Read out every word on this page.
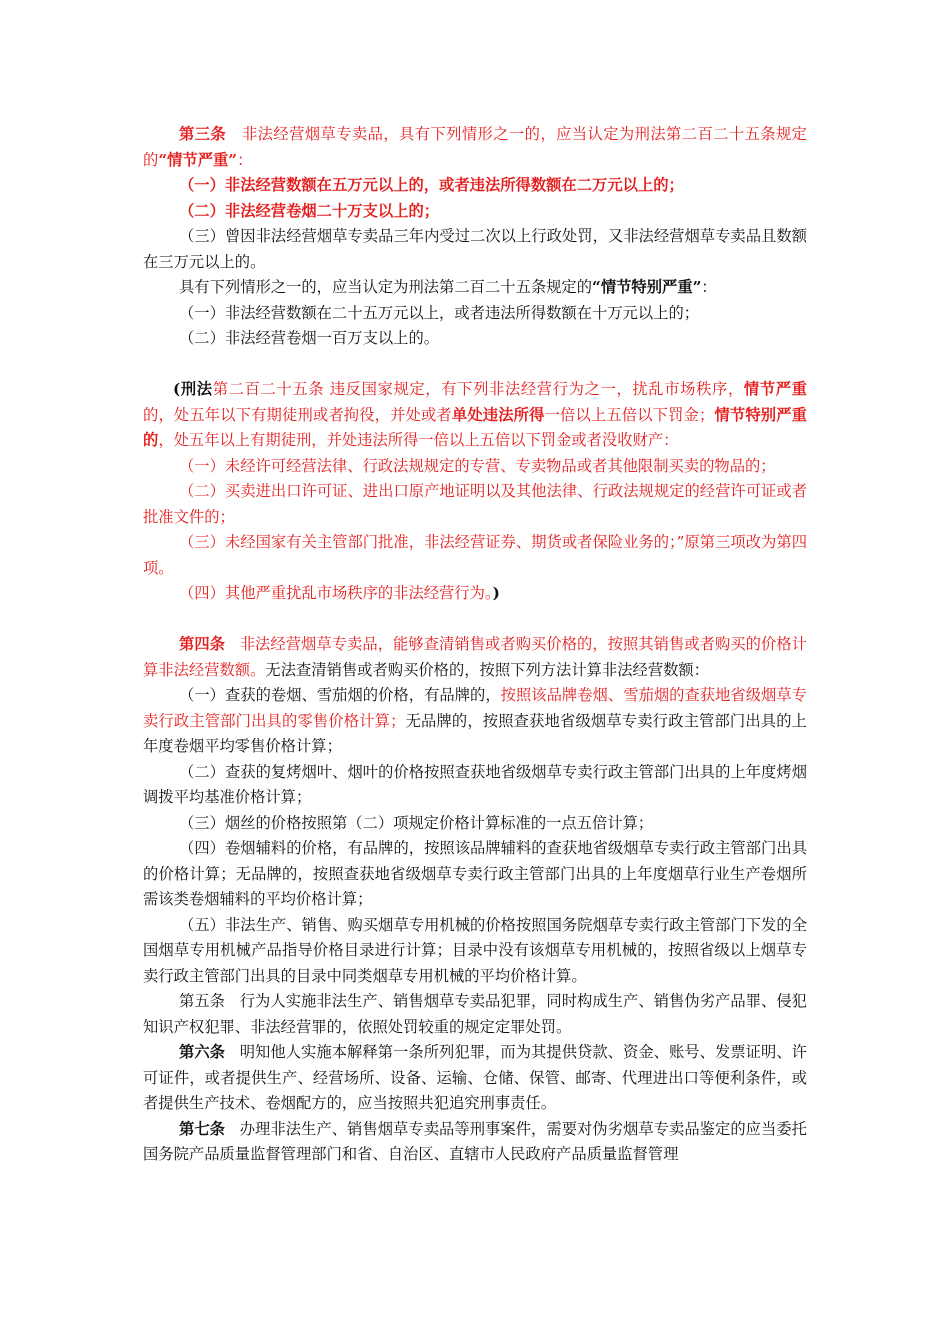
第三条 非法经营烟草专卖品，具有下列情形之一的，应当认定为刑法第二百二十五条规定的“情节严重”：

（一）非法经营数额在五万元以上的，或者违法所得数额在二万元以上的；

（二）非法经营卷烟二十万支以上的；

（三）曾因非法经营烟草专卖品三年内受过二次以上行政处罚，又非法经营烟草专卖品且数额在三万元以上的。

具有下列情形之一的，应当认定为刑法第二百二十五条规定的“情节特别严重”：

（一）非法经营数额在二十五万元以上，或者违法所得数额在十万元以上的；

（二）非法经营卷烟一百万支以上的。

(刑法第二百二十五条 违反国家规定，有下列非法经营行为之一，扰乱市场秩序，情节严重的，处五年以下有期徒刑或者拘役，并处或者单处违法所得一倍以上五倍以下罚金；情节特别严重的，处五年以上有期徒刑，并处违法所得一倍以上五倍以下罚金或者没收财产：

（一）未经许可经营法律、行政法规规定的专营、专卖物品或者其他限制买卖的物品的；

（二）买卖进出口许可证、进出口原产地证明以及其他法律、行政法规规定的经营许可证或者批准文件的；

（三）未经国家有关主管部门批准，非法经营证券、期货或者保险业务的；”原第三项改为第四项。

（四）其他严重扰乱市场秩序的非法经营行为。)

第四条 非法经营烟草专卖品，能够查清销售或者购买价格的，按照其销售或者购买的价格计算非法经营数额。无法查清销售或者购买价格的，按照下列方法计算非法经营数额：

（一）查获的卷烟、雪茄烟的价格，有品牌的，按照该品牌卷烟、雪茄烟的查获地省级烟草专卖行政主管部门出具的零售价格计算；无品牌的，按照查获地省级烟草专卖行政主管部门出具的上年度卷烟平均零售价格计算；

（二）查获的复烤烟叶、烟叶的价格按照查获地省级烟草专卖行政主管部门出具的上年度烤烟调拨平均基准价格计算；

（三）烟丝的价格按照第（二）项规定价格计算标准的一点五倍计算；

（四）卷烟辅料的价格，有品牌的，按照该品牌辅料的查获地省级烟草专卖行政主管部门出具的价格计算；无品牌的，按照查获地省级烟草专卖行政主管部门出具的上年度烟草行业生产卷烟所需该类卷烟辅料的平均价格计算；

（五）非法生产、销售、购买烟草专用机械的价格按照国务院烟草专卖行政主管部门下发的全国烟草专用机械产品指导价格目录进行计算；目录中没有该烟草专用机械的，按照省级以上烟草专卖行政主管部门出具的目录中同类烟草专用机械的平均价格计算。

第五条 行为人实施非法生产、销售烟草专卖品犯罪，同时构成生产、销售伪劣产品罪、侵犯知识产权犯罪、非法经营罪的，依照处罚较重的规定定罪处罚。

第六条 明知他人实施本解释第一条所列犯罪，而为其提供贷款、资金、账号、发票证明、许可证件，或者提供生产、经营场所、设备、运输、仓储、保管、邮寄、代理进出口等便利条件，或者提供生产技术、卷烟配方的，应当按照共犯追究刑事责任。

第七条 办理非法生产、销售烟草专卖品等刑事案件，需要对伪劣烟草专卖品鉴定的应当委托国务院产品质量监督管理部门和省、自治区、直辖市人民政府产品质量监督管理
